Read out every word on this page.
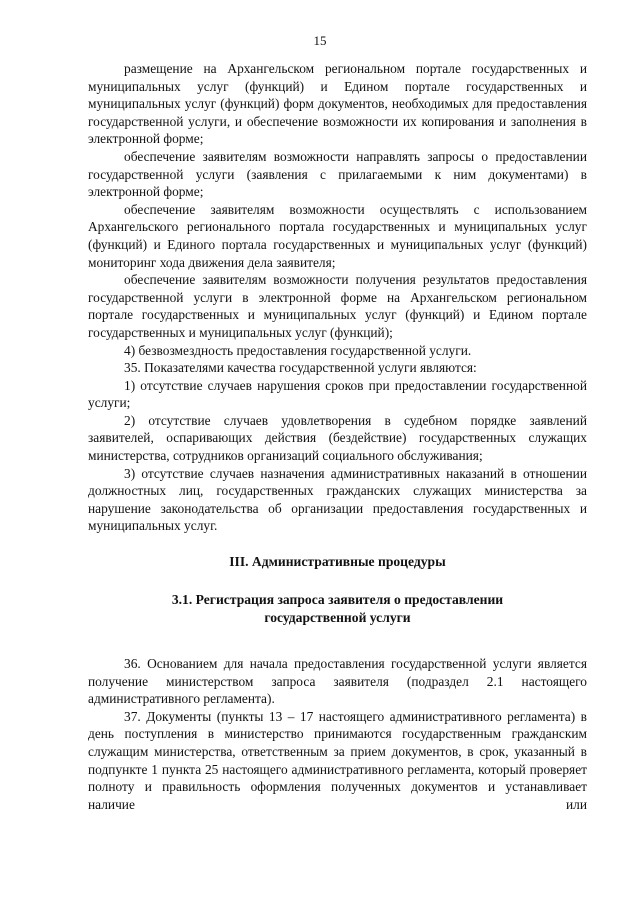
15

размещение на Архангельском региональном портале государственных и муниципальных услуг (функций) и Едином портале государственных и муниципальных услуг (функций) форм документов, необходимых для предоставления государственной услуги, и обеспечение возможности их копирования и заполнения в электронной форме;

обеспечение заявителям возможности направлять запросы о предоставлении государственной услуги (заявления с прилагаемыми к ним документами) в электронной форме;

обеспечение заявителям возможности осуществлять с использованием Архангельского регионального портала государственных и муниципальных услуг (функций) и Единого портала государственных и муниципальных услуг (функций) мониторинг хода движения дела заявителя;

обеспечение заявителям возможности получения результатов предоставления государственной услуги в электронной форме на Архангельском региональном портале государственных и муниципальных услуг (функций) и Едином портале государственных и муниципальных услуг (функций);

4) безвозмездность предоставления государственной услуги.

35. Показателями качества государственной услуги являются:

1) отсутствие случаев нарушения сроков при предоставлении государственной услуги;

2) отсутствие случаев удовлетворения в судебном порядке заявлений заявителей, оспаривающих действия (бездействие) государственных служащих министерства, сотрудников организаций социального обслуживания;

3) отсутствие случаев назначения административных наказаний в отношении должностных лиц, государственных гражданских служащих министерства за нарушение законодательства об организации предоставления государственных и муниципальных услуг.

III. Административные процедуры
3.1. Регистрация запроса заявителя о предоставлении
государственной услуги

36. Основанием для начала предоставления государственной услуги является получение министерством запроса заявителя (подраздел 2.1 настоящего административного регламента).

37. Документы (пункты 13 – 17 настоящего административного регламента) в день поступления в министерство принимаются государственным гражданским служащим министерства, ответственным за прием документов, в срок, указанный в подпункте 1 пункта 25 настоящего административного регламента, который проверяет полноту и правильность оформления полученных документов и устанавливает наличие или
